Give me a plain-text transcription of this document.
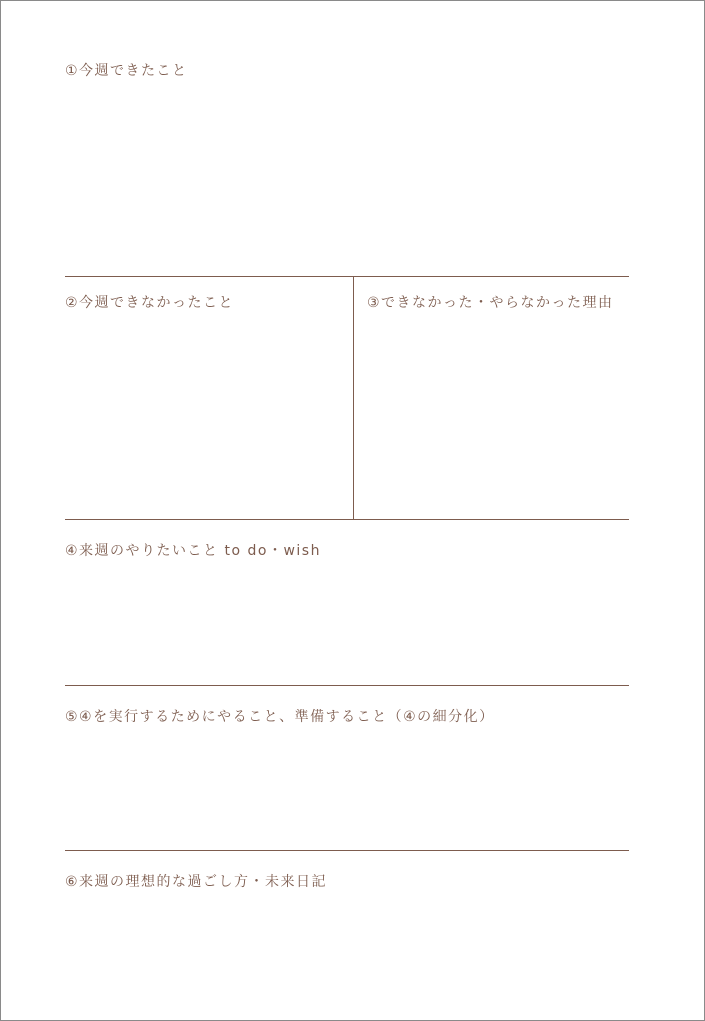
①今週できたこと
②今週できなかったこと	③できなかった・やらなかった理由
④来週のやりたいこと to do・wish
⑤④を実行するためにやること、準備すること（④の細分化）
⑥来週の理想的な過ごし方・未来日記
